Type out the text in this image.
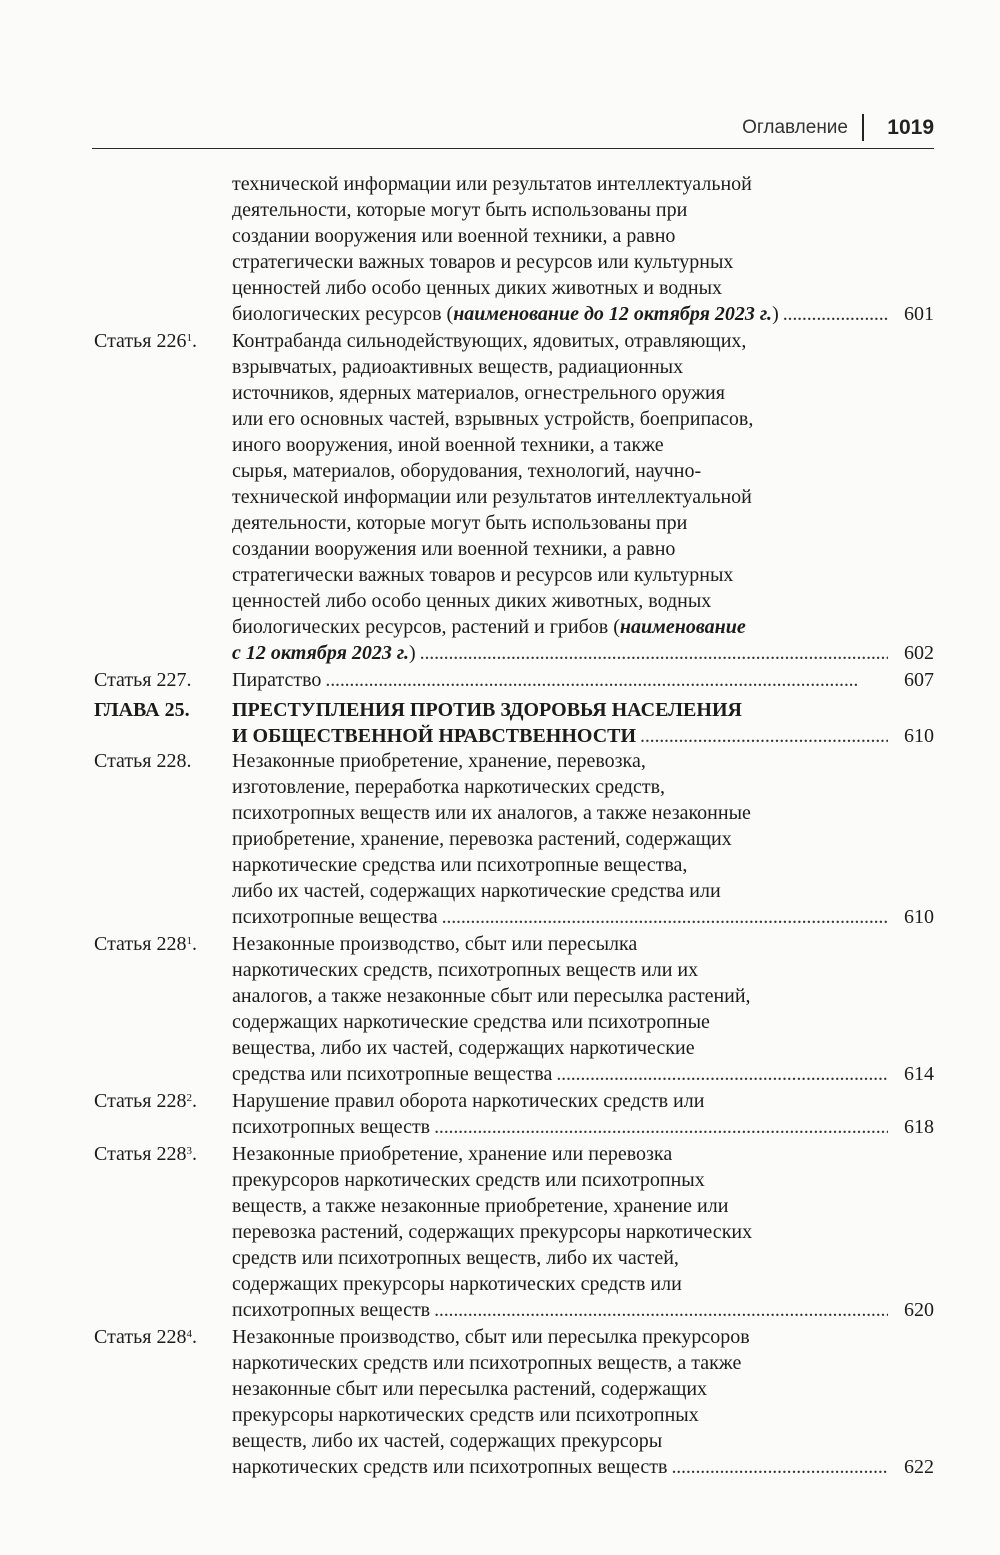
Оглавление 1019
технической информации или результатов интеллектуальной
деятельности, которые могут быть использованы при
создании вооружения или военной техники, а равно
стратегически важных товаров и ресурсов или культурных
ценностей либо особо ценных диких животных и водных
биологических ресурсов (наименование до 12 октября 2023 г.) . . .	601
Статья $226^1$. Контрабанда сильнодействующих, ядовитых, отравляющих,
взрывчатых, радиоактивных веществ, радиационных
источников, ядерных материалов, огнестрельного оружия
или его основных частей, взрывных устройств, боеприпасов,
иного вооружения, иной военной техники, а также
сырья, материалов, оборудования, технологий, научно-
технической информации или результатов интеллектуальной
деятельности, которые могут быть использованы при
создании вооружения или военной техники, а равно
стратегически важных товаров и ресурсов или культурных
ценностей либо особо ценных диких животных, водных
биологических ресурсов, растений и грибов (наименование
с 12 октября 2023 г.) . . .	602
Статья 227. Пиратство . . .	607
ГЛАВА 25. ПРЕСТУПЛЕНИЯ ПРОТИВ ЗДОРОВЬЯ НАСЕЛЕНИЯ
И ОБЩЕСТВЕННОЙ НРАВСТВЕННОСТИ . . .	610
Статья 228. Незаконные приобретение, хранение, перевозка,
изготовление, переработка наркотических средств,
психотропных веществ или их аналогов, а также незаконные
приобретение, хранение, перевозка растений, содержащих
наркотические средства или психотропные вещества,
либо их частей, содержащих наркотические средства или
психотропные вещества . . .	610
Статья $228^1$. Незаконные производство, сбыт или пересылка
наркотических средств, психотропных веществ или их
аналогов, а также незаконные сбыт или пересылка растений,
содержащих наркотические средства или психотропные
вещества, либо их частей, содержащих наркотические
средства или психотропные вещества . . .	614
Статья $228^2$. Нарушение правил оборота наркотических средств или
психотропных веществ . . .	618
Статья $228^3$. Незаконные приобретение, хранение или перевозка
прекурсоров наркотических средств или психотропных
веществ, а также незаконные приобретение, хранение или
перевозка растений, содержащих прекурсоры наркотических
средств или психотропных веществ, либо их частей,
содержащих прекурсоры наркотических средств или
психотропных веществ . . .	620
Статья $228^4$. Незаконные производство, сбыт или пересылка прекурсоров
наркотических средств или психотропных веществ, а также
незаконные сбыт или пересылка растений, содержащих
прекурсоры наркотических средств или психотропных
веществ, либо их частей, содержащих прекурсоры
наркотических средств или психотропных веществ . . .	622
